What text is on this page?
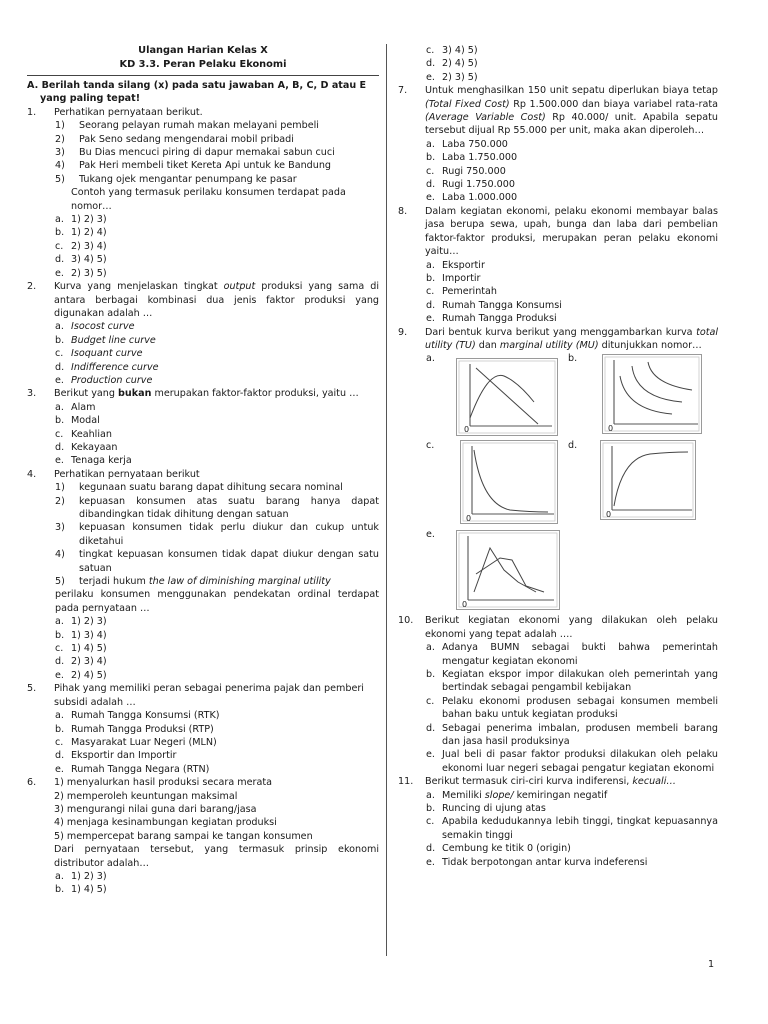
Ulangan Harian Kelas X
KD 3.3. Peran Pelaku Ekonomi
A. Berilah tanda silang (x) pada satu jawaban A, B, C, D atau E yang paling tepat!
1. Perhatikan pernyataan berikut.
1) Seorang pelayan rumah makan melayani pembeli
2) Pak Seno sedang mengendarai mobil pribadi
3) Bu Dias mencuci piring di dapur memakai sabun cuci
4) Pak Heri membeli tiket Kereta Api untuk ke Bandung
5) Tukang ojek mengantar penumpang ke pasar
Contoh yang termasuk perilaku konsumen terdapat pada nomor…
a. 1) 2) 3)
b. 1) 2) 4)
c. 2) 3) 4)
d. 3) 4) 5)
e. 2) 3) 5)
2. Kurva yang menjelaskan tingkat output produksi yang sama di antara berbagai kombinasi dua jenis faktor produksi yang digunakan adalah …
a. Isocost curve
b. Budget line curve
c. Isoquant curve
d. Indifference curve
e. Production curve
3. Berikut yang bukan merupakan faktor-faktor produksi, yaitu …
a. Alam
b. Modal
c. Keahlian
d. Kekayaan
e. Tenaga kerja
4. Perhatikan pernyataan berikut
1) kegunaan suatu barang dapat dihitung secara nominal
2) kepuasan konsumen atas suatu barang hanya dapat dibandingkan tidak dihitung dengan satuan
3) kepuasan konsumen tidak perlu diukur dan cukup untuk diketahui
4) tingkat kepuasan konsumen tidak dapat diukur dengan satu satuan
5) terjadi hukum the law of diminishing marginal utility
perilaku konsumen menggunakan pendekatan ordinal terdapat pada pernyataan …
a. 1) 2) 3)
b. 1) 3) 4)
c. 1) 4) 5)
d. 2) 3) 4)
e. 2) 4) 5)
5. Pihak yang memiliki peran sebagai penerima pajak dan pemberi subsidi adalah …
a. Rumah Tangga Konsumsi (RTK)
b. Rumah Tangga Produksi (RTP)
c. Masyarakat Luar Negeri (MLN)
d. Eksportir dan Importir
e. Rumah Tangga Negara (RTN)
6. 1) menyalurkan hasil produksi secara merata
2) memperoleh keuntungan maksimal
3) mengurangi nilai guna dari barang/jasa
4) menjaga kesinambungan kegiatan produksi
5) mempercepat barang sampai ke tangan konsumen
Dari pernyataan tersebut, yang termasuk prinsip ekonomi distributor adalah…
a. 1) 2) 3)
b. 1) 4) 5)
c. 3) 4) 5)
d. 2) 4) 5)
e. 2) 3) 5)
7. Untuk menghasilkan 150 unit sepatu diperlukan biaya tetap (Total Fixed Cost) Rp 1.500.000 dan biaya variabel rata-rata (Average Variable Cost) Rp 40.000/ unit. Apabila sepatu tersebut dijual Rp 55.000 per unit, maka akan diperoleh…
a. Laba 750.000
b. Laba 1.750.000
c. Rugi 750.000
d. Rugi 1.750.000
e. Laba 1.000.000
8. Dalam kegiatan ekonomi, pelaku ekonomi membayar balas jasa berupa sewa, upah, bunga dan laba dari pembelian faktor-faktor produksi, merupakan peran pelaku ekonomi yaitu…
a. Eksportir
b. Importir
c. Pemerintah
d. Rumah Tangga Konsumsi
e. Rumah Tangga Produksi
9. Dari bentuk kurva berikut yang menggambarkan kurva total utility (TU) dan marginal utility (MU) ditunjukkan nomor…
a.
0
b.
0
c.
0
d.
0
e.
0
10. Berikut kegiatan ekonomi yang dilakukan oleh pelaku ekonomi yang tepat adalah ….
a. Adanya BUMN sebagai bukti bahwa pemerintah mengatur kegiatan ekonomi
b. Kegiatan ekspor impor dilakukan oleh pemerintah yang bertindak sebagai pengambil kebijakan
c. Pelaku ekonomi produsen sebagai konsumen membeli bahan baku untuk kegiatan produksi
d. Sebagai penerima imbalan, produsen membeli barang dan jasa hasil produksinya
e. Jual beli di pasar faktor produksi dilakukan oleh pelaku ekonomi luar negeri sebagai pengatur kegiatan ekonomi
11. Berikut termasuk ciri-ciri kurva indiferensi, kecuali…
a. Memiliki slope/ kemiringan negatif
b. Runcing di ujung atas
c. Apabila kedudukannya lebih tinggi, tingkat kepuasannya semakin tinggi
d. Cembung ke titik 0 (origin)
e. Tidak berpotongan antar kurva indeferensi
1
